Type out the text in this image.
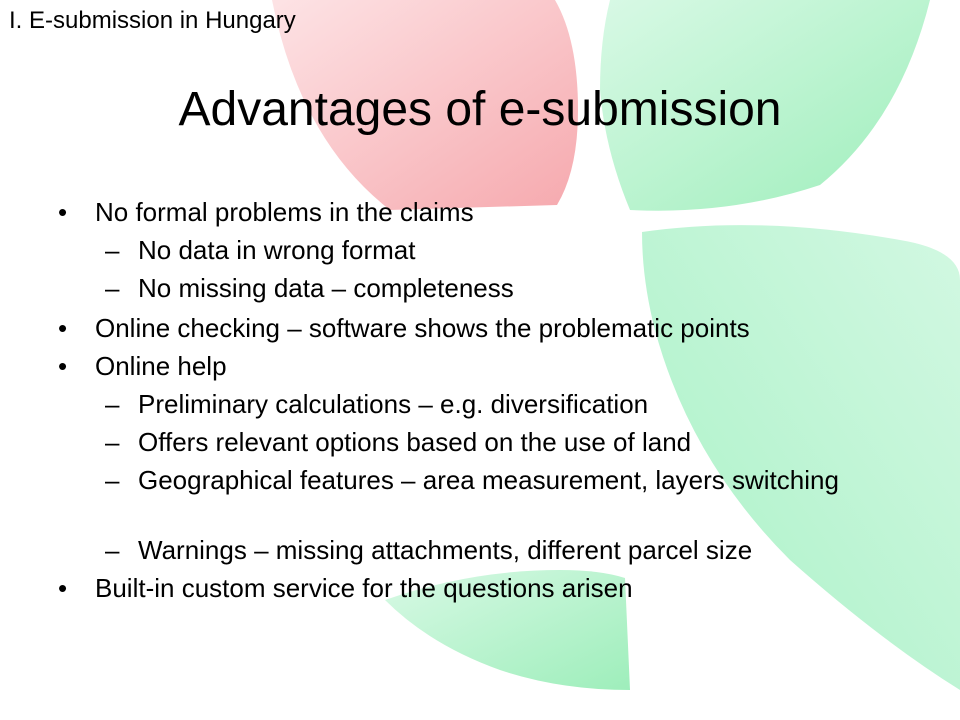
I. E-submission in Hungary
Advantages of e-submission
• No formal problems in the claims
– No data in wrong format
– No missing data – completeness
• Online checking – software shows the problematic points
• Online help
– Preliminary calculations – e.g. diversification
– Offers relevant options based on the use of land
– Geographical features – area measurement, layers switching
– Warnings – missing attachments, different parcel size
• Built-in custom service for the questions arisen
